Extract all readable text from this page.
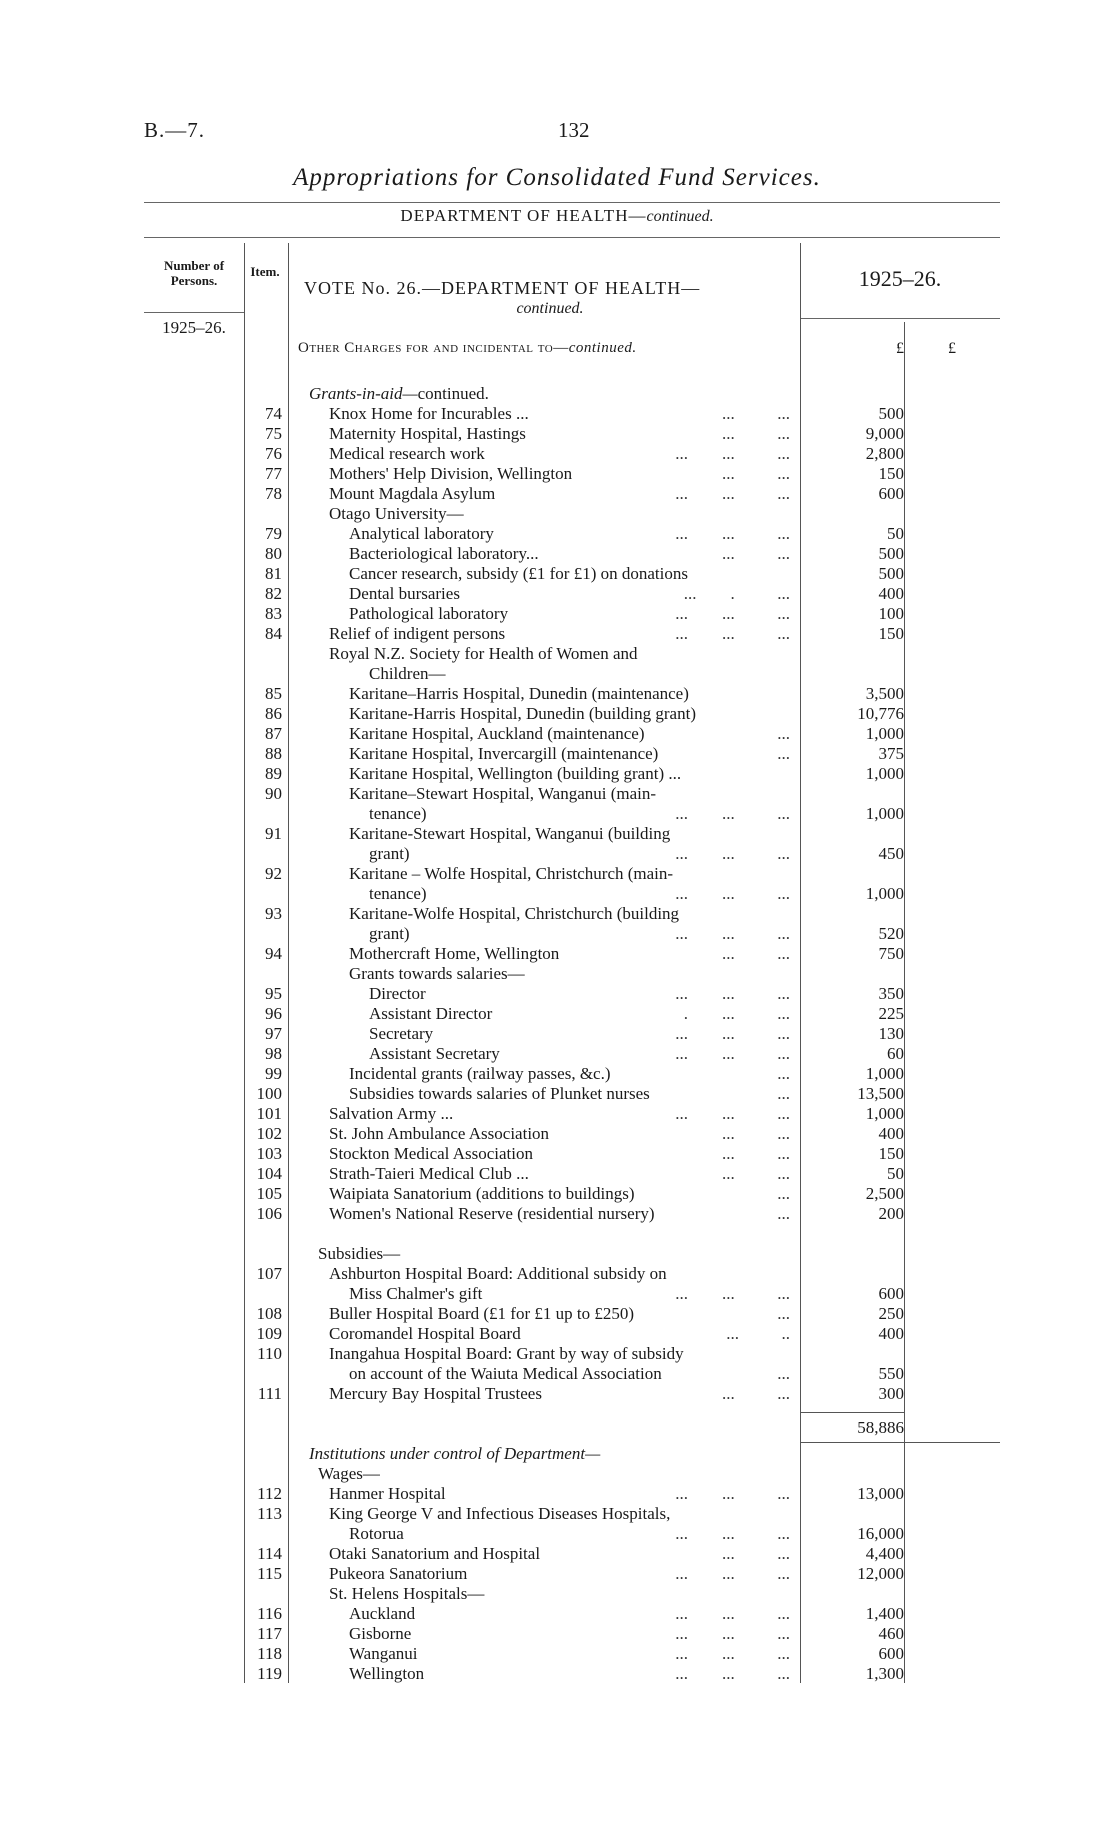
B.—7.	132
Appropriations for Consolidated Fund Services.
DEPARTMENT OF HEALTH—continued.
Number of Persons.
Item.
VOTE No. 26.—DEPARTMENT OF HEALTH—
continued.
1925–26.
1925–26.
Other Charges for and incidental to—continued.	£	£
Grants-in-aid—continued.
74	Knox Home for Incurables ...	...          ...	500
75	Maternity Hospital, Hastings	...          ...	9,000
76	Medical research work	...        ...          ...	2,800
77	Mothers' Help Division, Wellington	...          ...	150
78	Mount Magdala Asylum	...        ...          ...	600
Otago University—
79	Analytical laboratory	...        ...          ...	50
80	Bacteriological laboratory...	...          ...	500
81	Cancer research, subsidy (£1 for £1) on donations	500
82	Dental bursaries	...        .          ...	400
83	Pathological laboratory	...        ...          ...	100
84	Relief of indigent persons	...        ...          ...	150
Royal N.Z. Society for Health of Women and
Children—
85	Karitane–Harris Hospital, Dunedin (maintenance)	3,500
86	Karitane-Harris Hospital, Dunedin (building grant)	10,776
87	Karitane Hospital, Auckland (maintenance)	...	1,000
88	Karitane Hospital, Invercargill (maintenance)	...	375
89	Karitane Hospital, Wellington (building grant) ...	1,000
90	Karitane–Stewart Hospital, Wanganui (main-
tenance)	...        ...          ...	1,000
91	Karitane-Stewart Hospital, Wanganui (building
grant)	...        ...          ...	450
92	Karitane – Wolfe Hospital, Christchurch (main-
tenance)	...        ...          ...	1,000
93	Karitane-Wolfe Hospital, Christchurch (building
grant)	...        ...          ...	520
94	Mothercraft Home, Wellington	...          ...	750
Grants towards salaries—
95	Director	...        ...          ...	350
96	Assistant Director	.        ...          ...	225
97	Secretary	...        ...          ...	130
98	Assistant Secretary	...        ...          ...	60
99	Incidental grants (railway passes, &c.)	...	1,000
100	Subsidies towards salaries of Plunket nurses	...	13,500
101	Salvation Army ...	...        ...          ...	1,000
102	St. John Ambulance Association	...          ...	400
103	Stockton Medical Association	...          ...	150
104	Strath-Taieri Medical Club ...	...          ...	50
105	Waipiata Sanatorium (additions to buildings)	...	2,500
106	Women's National Reserve (residential nursery)	...	200
Subsidies—
107	Ashburton Hospital Board: Additional subsidy on
Miss Chalmer's gift	...        ...          ...	600
108	Buller Hospital Board (£1 for £1 up to £250)	...	250
109	Coromandel Hospital Board	...          ..	400
110	Inangahua Hospital Board: Grant by way of subsidy
on account of the Waiuta Medical Association	...	550
111	Mercury Bay Hospital Trustees	...          ...	300
58,886
Institutions under control of Department—
Wages—
112	Hanmer Hospital	...        ...          ...	13,000
113	King George V and Infectious Diseases Hospitals,
Rotorua	...        ...          ...	16,000
114	Otaki Sanatorium and Hospital	...          ...	4,400
115	Pukeora Sanatorium	...        ...          ...	12,000
St. Helens Hospitals—
116	Auckland	...        ...          ...	1,400
117	Gisborne	...        ...          ...	460
118	Wanganui	...        ...          ...	600
119	Wellington	...        ...          ...	1,300
